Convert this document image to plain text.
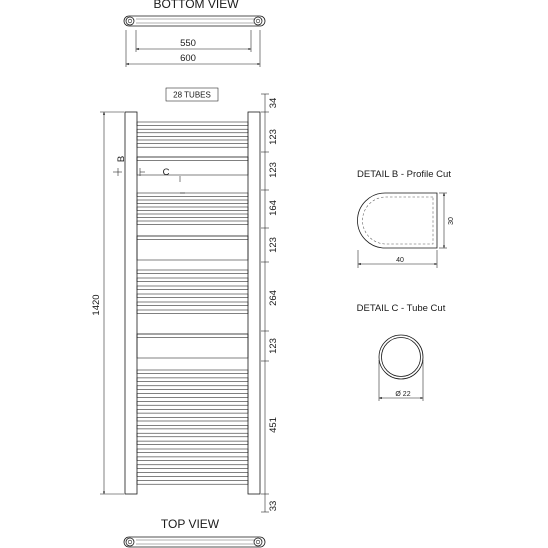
BOTTOM VIEW
550
600
28 TUBES
B
C
1420
34
123
123
164
123
264
123
451
33
TOP VIEW
DETAIL B - Profile Cut
30
40
DETAIL C - Tube Cut
Ø 22
